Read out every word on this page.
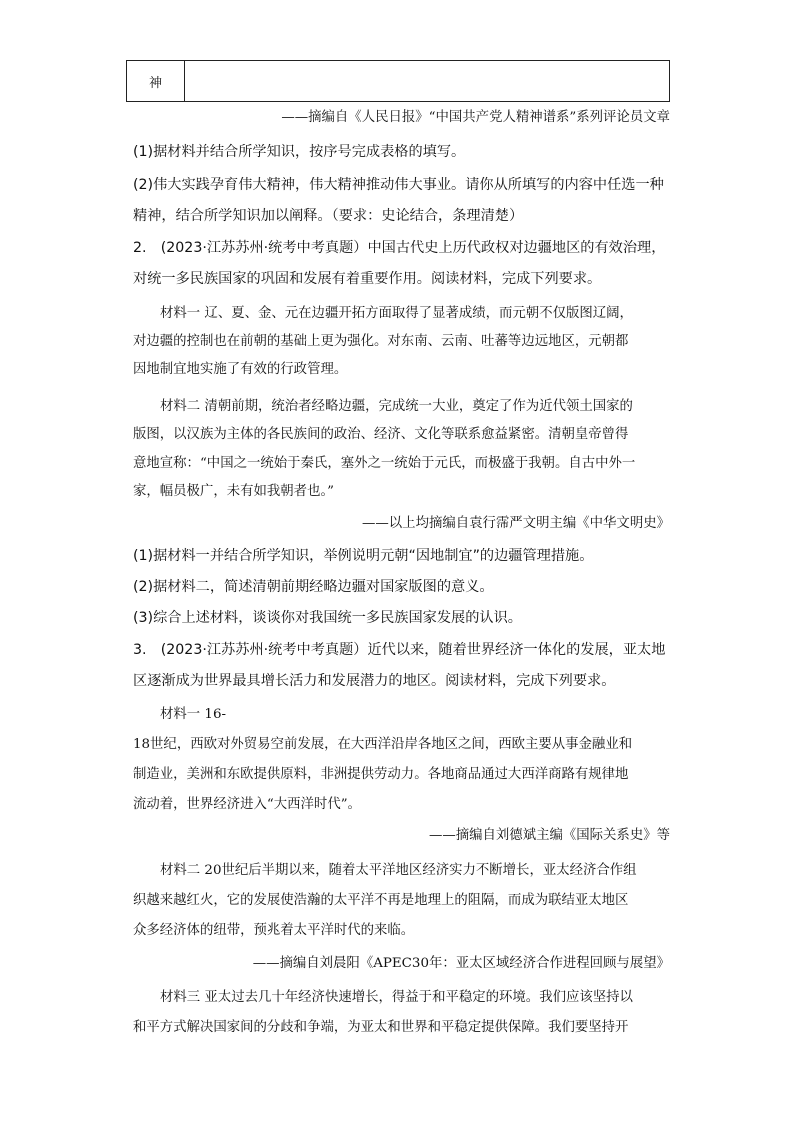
神	
——摘编自《人民日报》“中国共产党人精神谱系”系列评论员文章
(1)据材料并结合所学知识，按序号完成表格的填写。
(2)伟大实践孕育伟大精神，伟大精神推动伟大事业。请你从所填写的内容中任选一种
精神，结合所学知识加以阐释。（要求：史论结合，条理清楚）
2.　(2023·江苏苏州·统考中考真题）中国古代史上历代政权对边疆地区的有效治理，
对统一多民族国家的巩固和发展有着重要作用。阅读材料，完成下列要求。
材料一 辽、夏、金、元在边疆开拓方面取得了显著成绩，而元朝不仅版图辽阔，
对边疆的控制也在前朝的基础上更为强化。对东南、云南、吐蕃等边远地区，元朝都
因地制宜地实施了有效的行政管理。
材料二 清朝前期，统治者经略边疆，完成统一大业，奠定了作为近代领土国家的
版图，以汉族为主体的各民族间的政治、经济、文化等联系愈益紧密。清朝皇帝曾得
意地宣称：“中国之一统始于秦氏，塞外之一统始于元氏，而极盛于我朝。自古中外一
家，幅员极广，未有如我朝者也。”
——以上均摘编自袁行霈严文明主编《中华文明史》
(1)据材料一并结合所学知识，举例说明元朝“因地制宜”的边疆管理措施。
(2)据材料二，简述清朝前期经略边疆对国家版图的意义。
(3)综合上述材料，谈谈你对我国统一多民族国家发展的认识。
3.　(2023·江苏苏州·统考中考真题）近代以来，随着世界经济一体化的发展，亚太地
区逐渐成为世界最具增长活力和发展潜力的地区。阅读材料，完成下列要求。
材料一 16-
18世纪，西欧对外贸易空前发展，在大西洋沿岸各地区之间，西欧主要从事金融业和
制造业，美洲和东欧提供原料，非洲提供劳动力。各地商品通过大西洋商路有规律地
流动着，世界经济进入“大西洋时代”。
——摘编自刘德斌主编《国际关系史》等
材料二 20世纪后半期以来，随着太平洋地区经济实力不断增长，亚太经济合作组
织越来越红火，它的发展使浩瀚的太平洋不再是地理上的阻隔，而成为联结亚太地区
众多经济体的纽带，预兆着太平洋时代的来临。
——摘编自刘晨阳《APEC30年：亚太区域经济合作进程回顾与展望》
材料三 亚太过去几十年经济快速增长，得益于和平稳定的环境。我们应该坚持以
和平方式解决国家间的分歧和争端，为亚太和世界和平稳定提供保障。我们要坚持开
